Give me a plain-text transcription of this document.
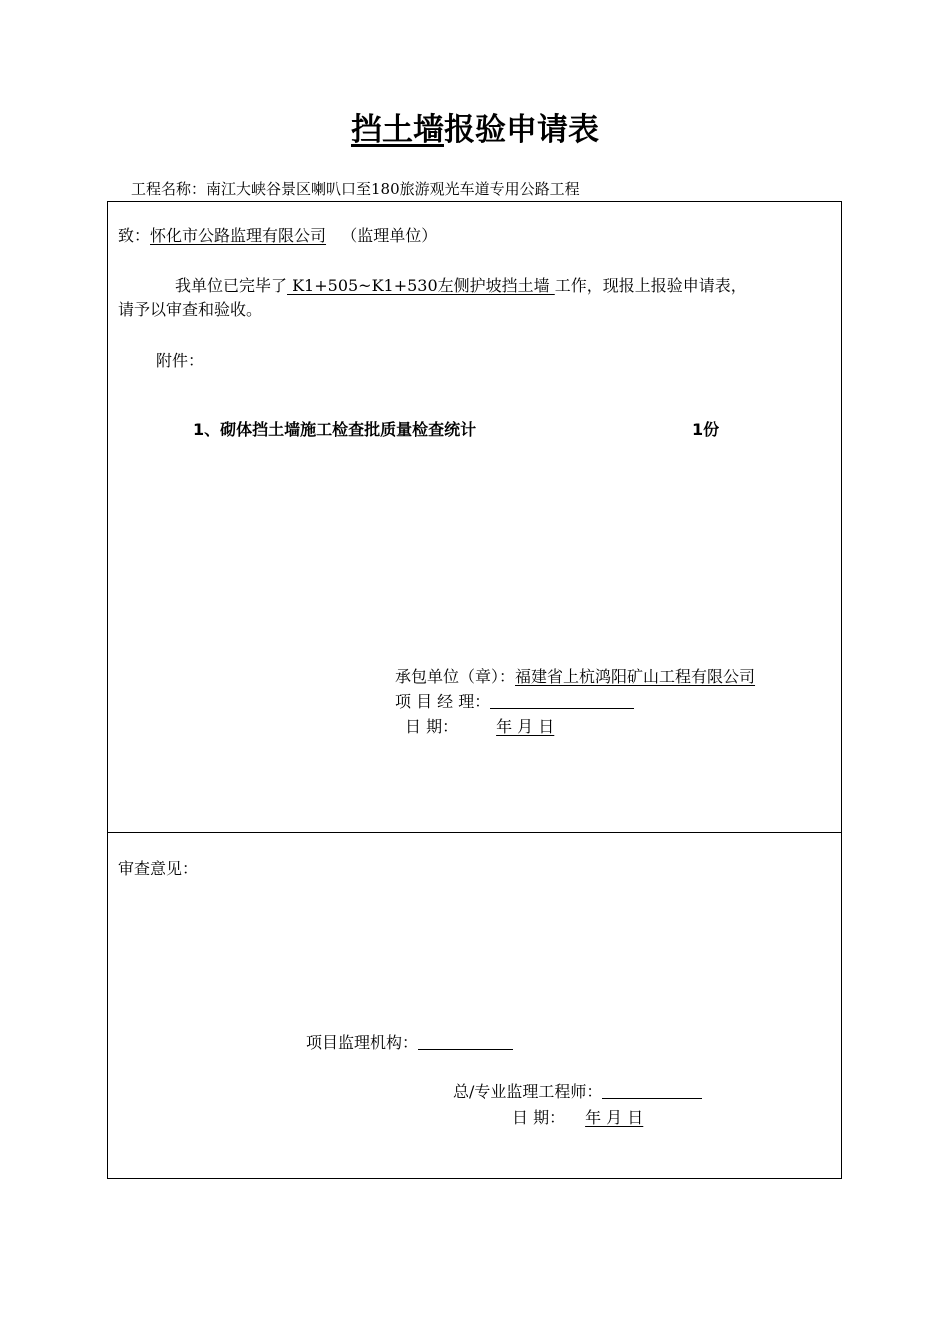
挡土墙报验申请表
工程名称：南江大峡谷景区喇叭口至180旅游观光车道专用公路工程
致：怀化市公路监理有限公司 （监理单位）
我单位已完毕了 K1+505~K1+530左侧护坡挡土墙 工作，现报上报验申请表，
请予以审查和验收。
附件：
1、砌体挡土墙施工检查批质量检查统计	1份
承包单位（章）：福建省上杭鸿阳矿山工程有限公司
项 目 经 理：
日 期： 年 月 日
审查意见：
项目监理机构：
总/专业监理工程师：
日 期： 年 月 日
